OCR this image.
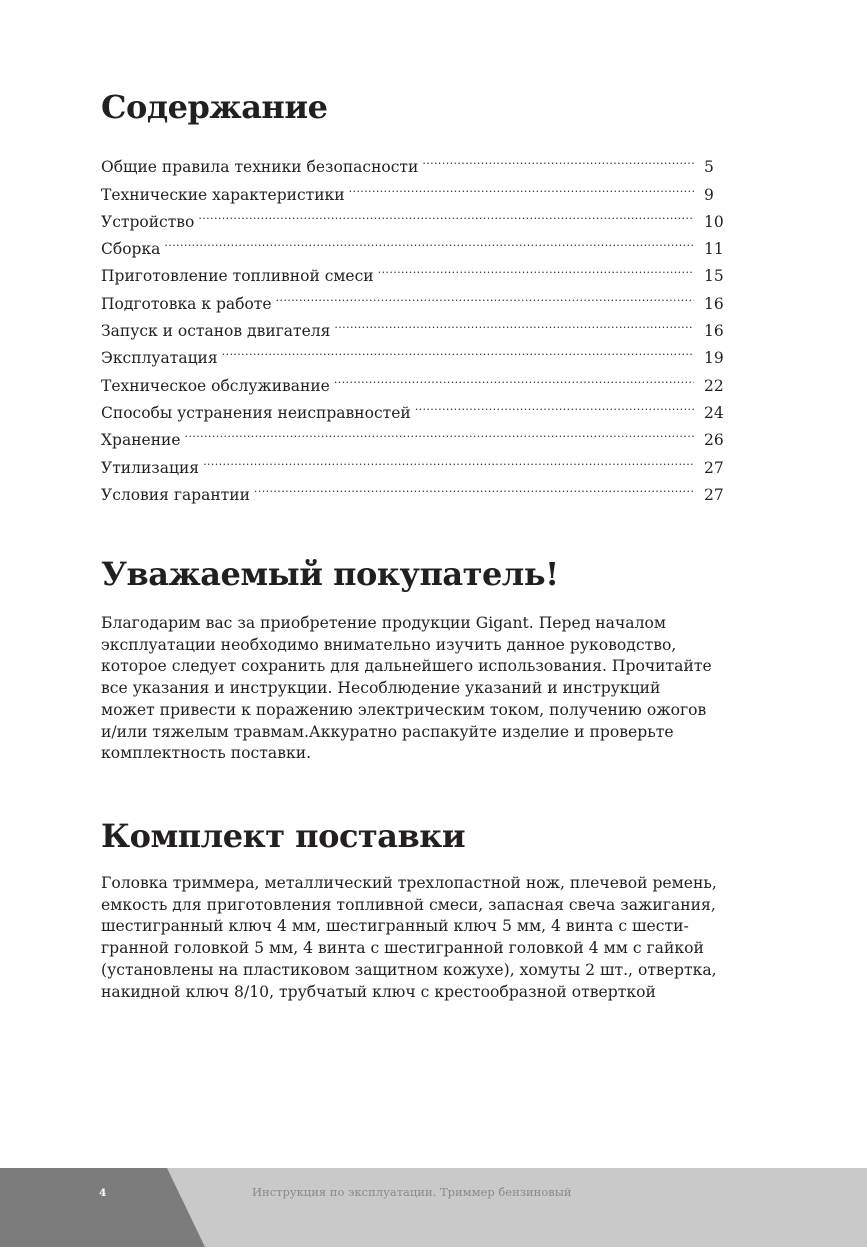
Содержание
Общие правила техники безопасности .....	5
Технические характеристики .....	9
Устройство .....	10
Сборка .....	11
Приготовление топливной смеси .....	15
Подготовка к работе .....	16
Запуск и останов двигателя .....	16
Эксплуатация .....	19
Техническое обслуживание .....	22
Способы устранения неисправностей .....	24
Хранение .....	26
Утилизация .....	27
Условия гарантии .....	27
Уважаемый покупатель!

Благодарим вас за приобретение продукции Gigant. Перед началом
эксплуатации необходимо внимательно изучить данное руководство,
которое следует сохранить для дальнейшего использования. Прочитайте
все указания и инструкции. Несоблюдение указаний и инструкций
может привести к поражению электрическим током, получению ожогов
и/или тяжелым травмам.Аккуратно распакуйте изделие и проверьте
комплектность поставки.

Комплект поставки

Головка триммера, металлический трехлопастной нож, плечевой ремень,
емкость для приготовления топливной смеси, запасная свеча зажигания,
шестигранный ключ 4 мм, шестигранный ключ 5 мм, 4 винта с шести-
гранной головкой 5 мм, 4 винта с шестигранной головкой 4 мм с гайкой
(установлены на пластиковом защитном кожухе), хомуты 2 шт., отвертка,
накидной ключ 8/10, трубчатый ключ с крестообразной отверткой

4	Инструкция по эксплуатации. Триммер бензиновый
